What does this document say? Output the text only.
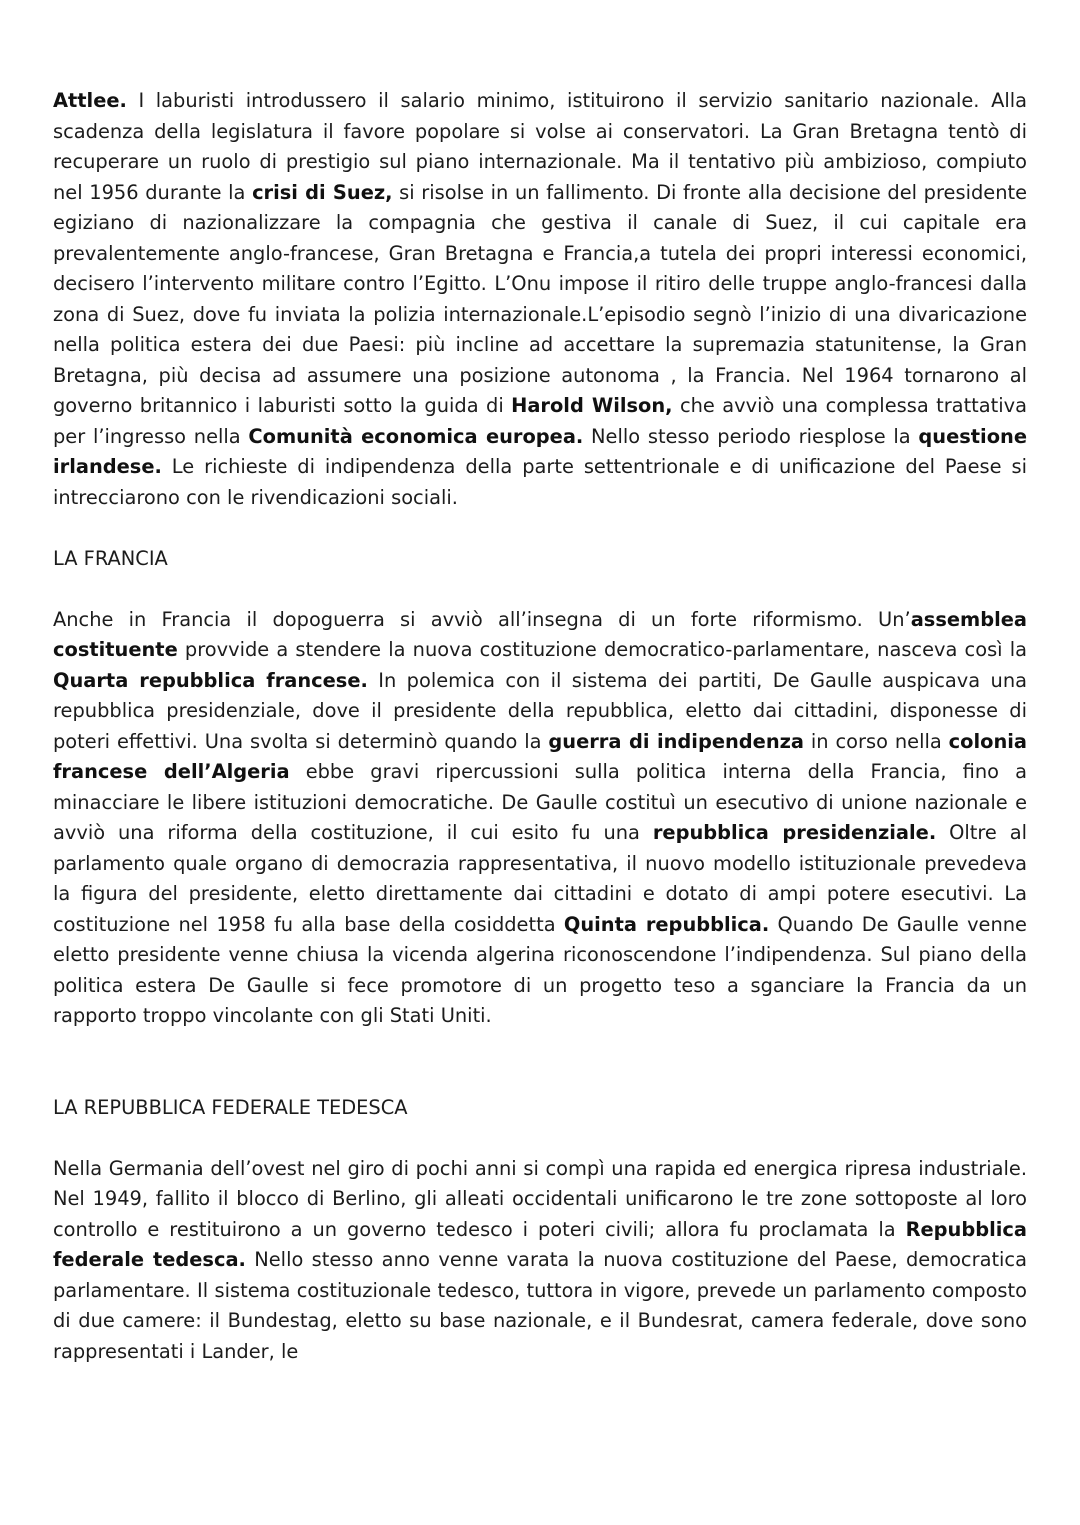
Attlee. I laburisti introdussero il salario minimo, istituirono il servizio sanitario nazionale. Alla scadenza della legislatura il favore popolare si volse ai conservatori. La Gran Bretagna tentò di recuperare un ruolo di prestigio sul piano internazionale. Ma il tentativo più ambizioso, compiuto nel 1956 durante la crisi di Suez, si risolse in un fallimento. Di fronte alla decisione del presidente egiziano di nazionalizzare la compagnia che gestiva il canale di Suez, il cui capitale era prevalentemente anglo-francese, Gran Bretagna e Francia,a tutela dei propri interessi economici, decisero l’intervento militare contro l’Egitto. L’Onu impose il ritiro delle truppe anglo-francesi dalla zona di Suez, dove fu inviata la polizia internazionale.L’episodio segnò l’inizio di una divaricazione nella politica estera dei due Paesi: più incline ad accettare la supremazia statunitense, la Gran Bretagna, più decisa ad assumere una posizione autonoma , la Francia. Nel 1964 tornarono al governo britannico i laburisti sotto la guida di Harold Wilson, che avviò una complessa trattativa per l’ingresso nella Comunità economica europea. Nello stesso periodo riesplose la questione irlandese. Le richieste di indipendenza della parte settentrionale e di unificazione del Paese si intrecciarono con le rivendicazioni sociali.

LA FRANCIA

Anche in Francia il dopoguerra si avviò all’insegna di un forte riformismo. Un’assemblea costituente provvide a stendere la nuova costituzione democratico-parlamentare, nasceva così la Quarta repubblica francese. In polemica con il sistema dei partiti, De Gaulle auspicava una repubblica presidenziale, dove il presidente della repubblica, eletto dai cittadini, disponesse di poteri effettivi. Una svolta si determinò quando la guerra di indipendenza in corso nella colonia francese dell’Algeria ebbe gravi ripercussioni sulla politica interna della Francia, fino a minacciare le libere istituzioni democratiche. De Gaulle costituì un esecutivo di unione nazionale e avviò una riforma della costituzione, il cui esito fu una repubblica presidenziale. Oltre al parlamento quale organo di democrazia rappresentativa, il nuovo modello istituzionale prevedeva la figura del presidente, eletto direttamente dai cittadini e dotato di ampi potere esecutivi. La costituzione nel 1958 fu alla base della cosiddetta Quinta repubblica. Quando De Gaulle venne eletto presidente venne chiusa la vicenda algerina riconoscendone l’indipendenza. Sul piano della politica estera De Gaulle si fece promotore di un progetto teso a sganciare la Francia da un rapporto troppo vincolante con gli Stati Uniti.

LA REPUBBLICA FEDERALE TEDESCA

Nella Germania dell’ovest nel giro di pochi anni si compì una rapida ed energica ripresa industriale. Nel 1949, fallito il blocco di Berlino, gli alleati occidentali unificarono le tre zone sottoposte al loro controllo e restituirono a un governo tedesco i poteri civili; allora fu proclamata la Repubblica federale tedesca. Nello stesso anno venne varata la nuova costituzione del Paese, democratica parlamentare. Il sistema costituzionale tedesco, tuttora in vigore, prevede un parlamento composto di due camere: il Bundestag, eletto su base nazionale, e il Bundesrat, camera federale, dove sono rappresentati i Lander, le
